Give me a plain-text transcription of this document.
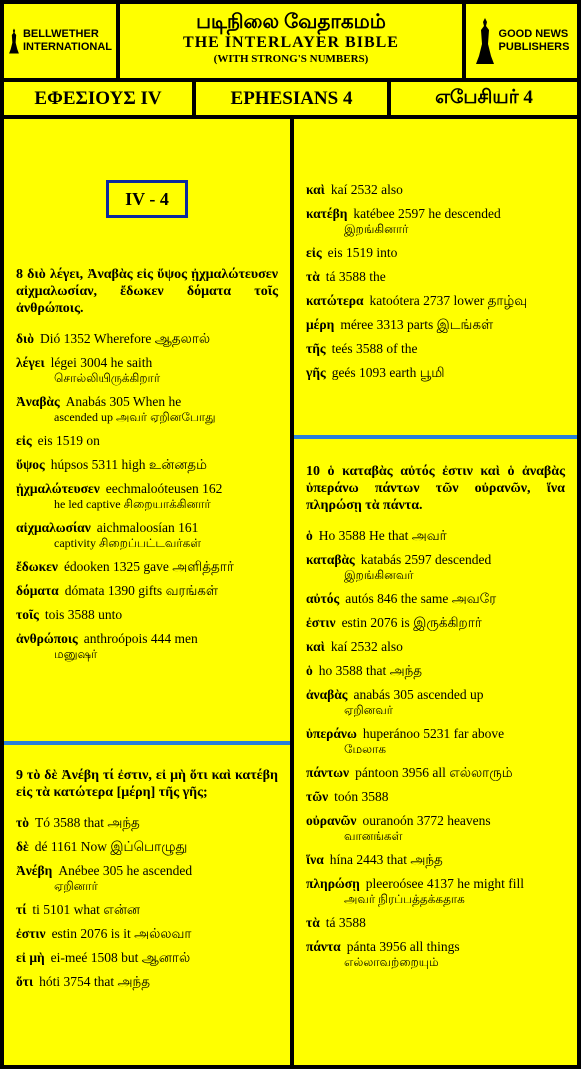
BELLWETHER
INTERNATIONAL
படிநிலை வேதாகமம்
THE INTERLAYER BIBLE
(WITH STRONG'S NUMBERS)
GOOD NEWS
PUBLISHERS
ΕΦΕΣΙΟΥΣ IV	EPHESIANS 4	எபேசியர் 4
IV - 4
8 διὸ λέγει, Ἀναβὰς εἰς ὕψος ᾐχμαλώτευσεν αἰχμαλωσίαν, ἔδωκεν δόματα τοῖς ἀνθρώποις.
διὸ Dió 1352 Wherefore ஆதலால்
λέγει légei 3004 he saith
சொல்லியிருக்கிறார்
Ἀναβὰς Anabás 305 When he
ascended up அவர் ஏறினபோது
εἰς eis 1519 on
ὕψος húpsos 5311 high உன்னதம்
ᾐχμαλώτευσεν eechmaloóteusen 162
he led captive சிறையாக்கினார்
αἰχμαλωσίαν aichmaloosían 161
captivity சிறைப்பட்டவர்கள்
ἔδωκεν édooken 1325 gave அளித்தார்
δόματα dómata 1390 gifts வரங்கள்
τοῖς tois 3588 unto
ἀνθρώποις anthroópois 444 men
மனுஷர்
9 τὸ δὲ Ἀνέβη τί ἐστιν, εἰ μὴ ὅτι καὶ κατέβη εἰς τὰ κατώτερα [μέρη] τῆς γῆς;
τὸ Tó 3588 that அந்த
δὲ dé 1161 Now இப்பொழுது
Ἀνέβη Anébee 305 he ascended
ஏறினார்
τί ti 5101 what என்ன
ἐστιν estin 2076 is it அல்லவா
εἰ μὴ ei-meé 1508 but ஆனால்
ὅτι hóti 3754 that அந்த
καὶ kaí 2532 also
κατέβη katébee 2597 he descended
இறங்கினார்
εἰς eis 1519 into
τὰ tá 3588 the
κατώτερα katoótera 2737 lower தாழ்வு
μέρη méree 3313 parts இடங்கள்
τῆς teés 3588 of the
γῆς geés 1093 earth பூமி
10 ὁ καταβὰς αὐτός ἐστιν καὶ ὁ ἀναβὰς ὑπεράνω πάντων τῶν οὐρανῶν, ἵνα πληρώσῃ τὰ πάντα.
ὁ Ho 3588 He that அவர்
καταβὰς katabás 2597 descended
இறங்கினவர்
αὐτός autós 846 the same அவரே
ἐστιν estin 2076 is இருக்கிறார்
καὶ kaí 2532 also
ὁ ho 3588 that அந்த
ἀναβὰς anabás 305 ascended up
ஏறினவர்
ὑπεράνω huperánoo 5231 far above
மேலாக
πάντων pántoon 3956 all எல்லாரும்
τῶν toón 3588
οὐρανῶν ouranoón 3772 heavens
வானங்கள்
ἵνα hína 2443 that அந்த
πληρώσῃ pleeroósee 4137 he might fill
அவர் நிரப்பத்தக்கதாக
τὰ tá 3588
πάντα pánta 3956 all things
எல்லாவற்றையும்
